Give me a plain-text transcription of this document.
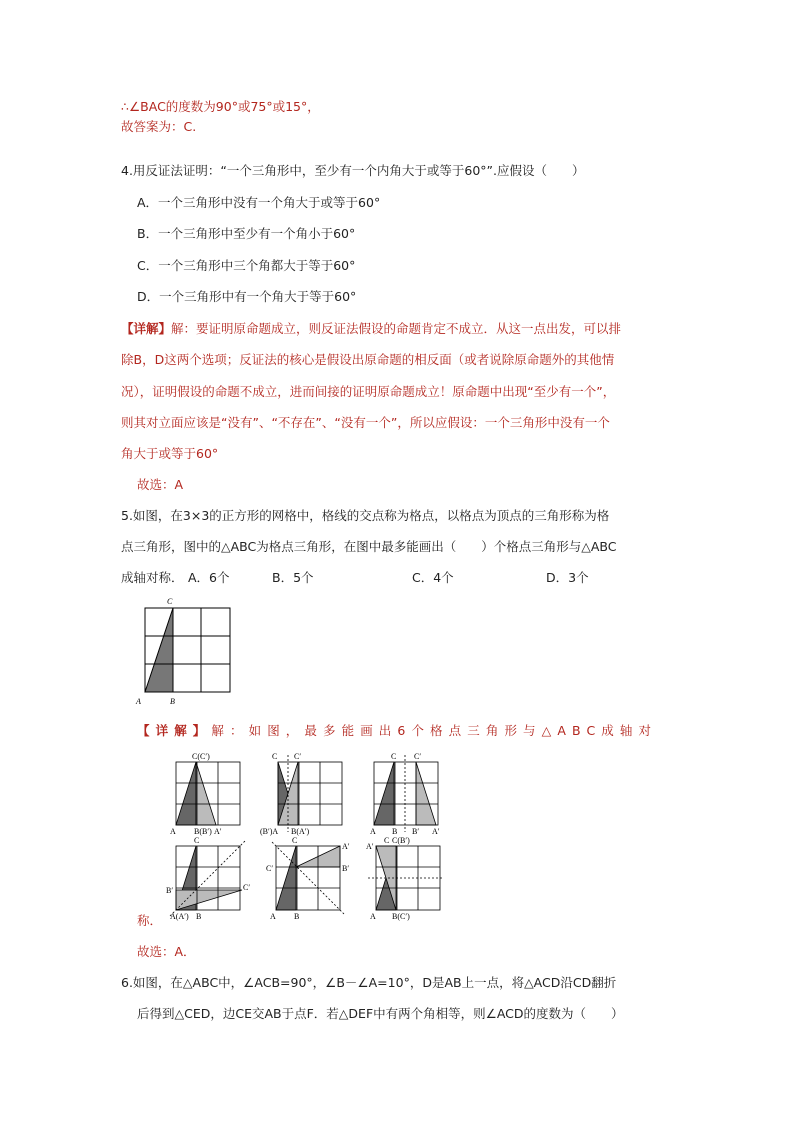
∴∠BAC的度数为90°或75°或15°，
故答案为：C.
4.用反证法证明：“一个三角形中，至少有一个内角大于或等于60°”.应假设（　　）
A．一个三角形中没有一个角大于或等于60°
B．一个三角形中至少有一个角小于60°
C．一个三角形中三个角都大于等于60°
D．一个三角形中有一个角大于等于60°
【详解】解：要证明原命题成立，则反证法假设的命题肯定不成立．从这一点出发，可以排
除B，D这两个选项；反证法的核心是假设出原命题的相反面（或者说除原命题外的其他情
况），证明假设的命题不成立，进而间接的证明原命题成立！原命题中出现“至少有一个”，
则其对立面应该是“没有”、“不存在”、“没有一个”，所以应假设：一个三角形中没有一个
角大于或等于60°
故选：A
5.如图，在3×3的正方形的网格中，格线的交点称为格点，以格点为顶点的三角形称为格
点三角形，图中的△ABC为格点三角形，在图中最多能画出（　　）个格点三角形与△ABC
成轴对称． A．6个	B．5个	C．4个	D．3个
C
A	B
【详解】解：如图，最多能画出6个格点三角形与△ABC成轴对
C(C′)
A B(B′) A′
C C′
(B′)A B(A′)
C C′
A B B′ A′
C
B′	C′
A(A′) B
C
C′
A′
B′
A B
A′
C(B′)
C
A B(C′)
称．
故选：A．
6.如图，在△ABC中，∠ACB=90°，∠B－∠A=10°，D是AB上一点，将△ACD沿CD翻折
后得到△CED，边CE交AB于点F．若△DEF中有两个角相等，则∠ACD的度数为（　　）
